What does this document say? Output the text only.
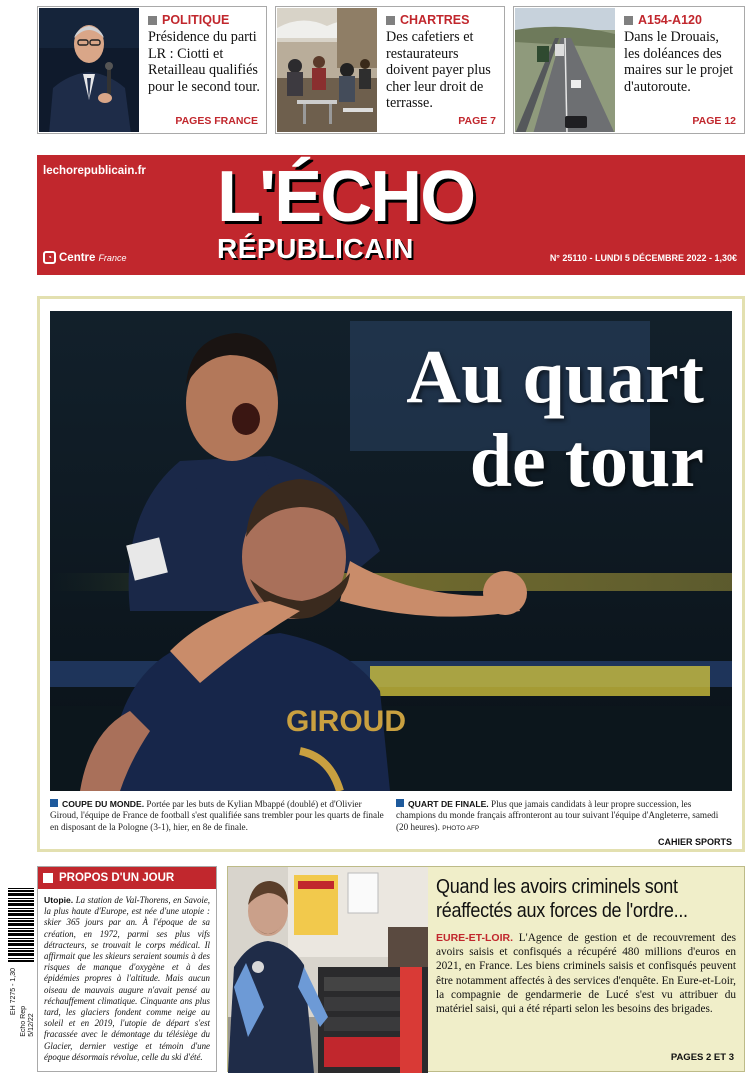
POLITIQUE
Présidence du parti LR : Ciotti et Retailleau qualifiés pour le second tour.
PAGES FRANCE
CHARTRES
Des cafetiers et restaurateurs doivent payer plus cher leur droit de terrasse.
PAGE 7
A154-A120
Dans le Drouais, les doléances des maires sur le projet d'autoroute.
PAGE 12
lechorepublicain.fr L'ÉCHO
RÉPUBLICAIN
◔ Centre France	N° 25110 - LUNDI 5 DÉCEMBRE 2022 - 1,30€
GIROUD
Au quart
de tour
COUPE DU MONDE. Portée par les buts de Kylian Mbappé (doublé) et d'Olivier Giroud, l'équipe de France de football s'est qualifiée sans trembler pour les quarts de finale en disposant de la Pologne (3-1), hier, en 8e de finale.
QUART DE FINALE. Plus que jamais candidats à leur propre succession, les champions du monde français affronteront au tour suivant l'équipe d'Angleterre, samedi (20 heures). PHOTO AFP
CAHIER SPORTS
EH 7275 - 1,30
Echo Rep 5/12/22
PROPOS D'UN JOUR
Utopie. La station de Val-Thorens, en Savoie, la plus haute d'Europe, est née d'une utopie : skier 365 jours par an. À l'époque de sa création, en 1972, parmi ses plus vifs détracteurs, se trouvait le corps médical. Il affirmait que les skieurs seraient soumis à des risques de manque d'oxygène et à des épidémies propres à l'altitude. Mais aucun oiseau de mauvais augure n'avait pensé au réchauffement climatique. Cinquante ans plus tard, les glaciers fondent comme neige au soleil et en 2019, l'utopie de départ s'est fracassée avec le démontage du télésiège du Glacier, dernier vestige et témoin d'une époque désormais révolue, celle du ski d'été.
Quand les avoirs criminels sont réaffectés aux forces de l'ordre...
EURE-ET-LOIR. L'Agence de gestion et de recouvrement des avoirs saisis et confisqués a récupéré 480 millions d'euros en 2021, en France. Les biens criminels saisis et confisqués peuvent être notamment affectés à des services d'enquête. En Eure-et-Loir, la compagnie de gendarmerie de Lucé s'est vu attribuer du matériel saisi, qui a été réparti selon les besoins des brigades.
PAGES 2 ET 3
